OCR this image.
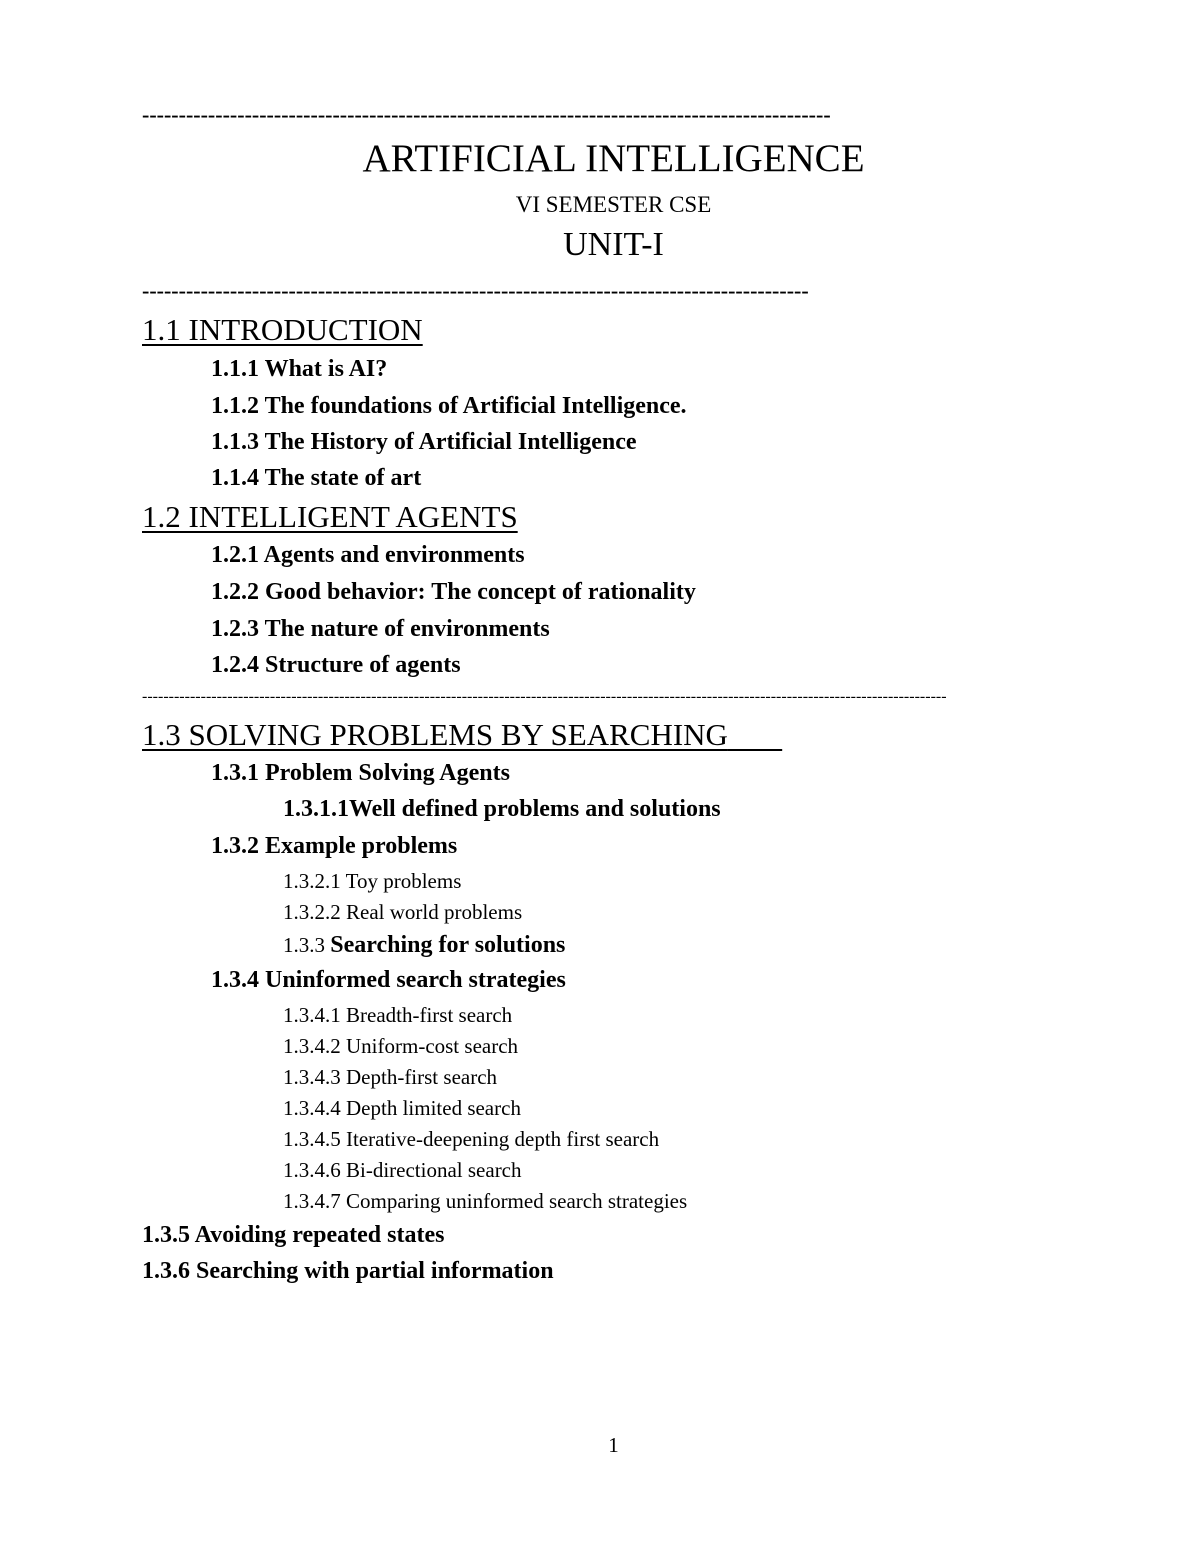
----------------------------------------------------------------------------------------------
ARTIFICIAL INTELLIGENCE
VI SEMESTER CSE
UNIT-I
-------------------------------------------------------------------------------------------
1.1 INTRODUCTION
1.1.1 What is AI?
1.1.2 The foundations of Artificial Intelligence.
1.1.3 The History of Artificial Intelligence
1.1.4 The state of art
1.2 INTELLIGENT AGENTS
1.2.1 Agents and environments
1.2.2 Good behavior: The concept of rationality
1.2.3 The nature of environments
1.2.4 Structure of agents
-------------------------------------------------------------------------------------------------------------------------------------------------------
1.3 SOLVING PROBLEMS BY SEARCHING
1.3.1 Problem Solving Agents
1.3.1.1Well defined problems and solutions
1.3.2 Example problems
1.3.2.1 Toy problems
1.3.2.2 Real world problems
1.3.3 Searching for solutions
1.3.4 Uninformed search strategies
1.3.4.1 Breadth-first search
1.3.4.2 Uniform-cost search
1.3.4.3 Depth-first search
1.3.4.4 Depth limited search
1.3.4.5 Iterative-deepening depth first search
1.3.4.6 Bi-directional search
1.3.4.7 Comparing uninformed search strategies
1.3.5 Avoiding repeated states
1.3.6 Searching with partial information
1
